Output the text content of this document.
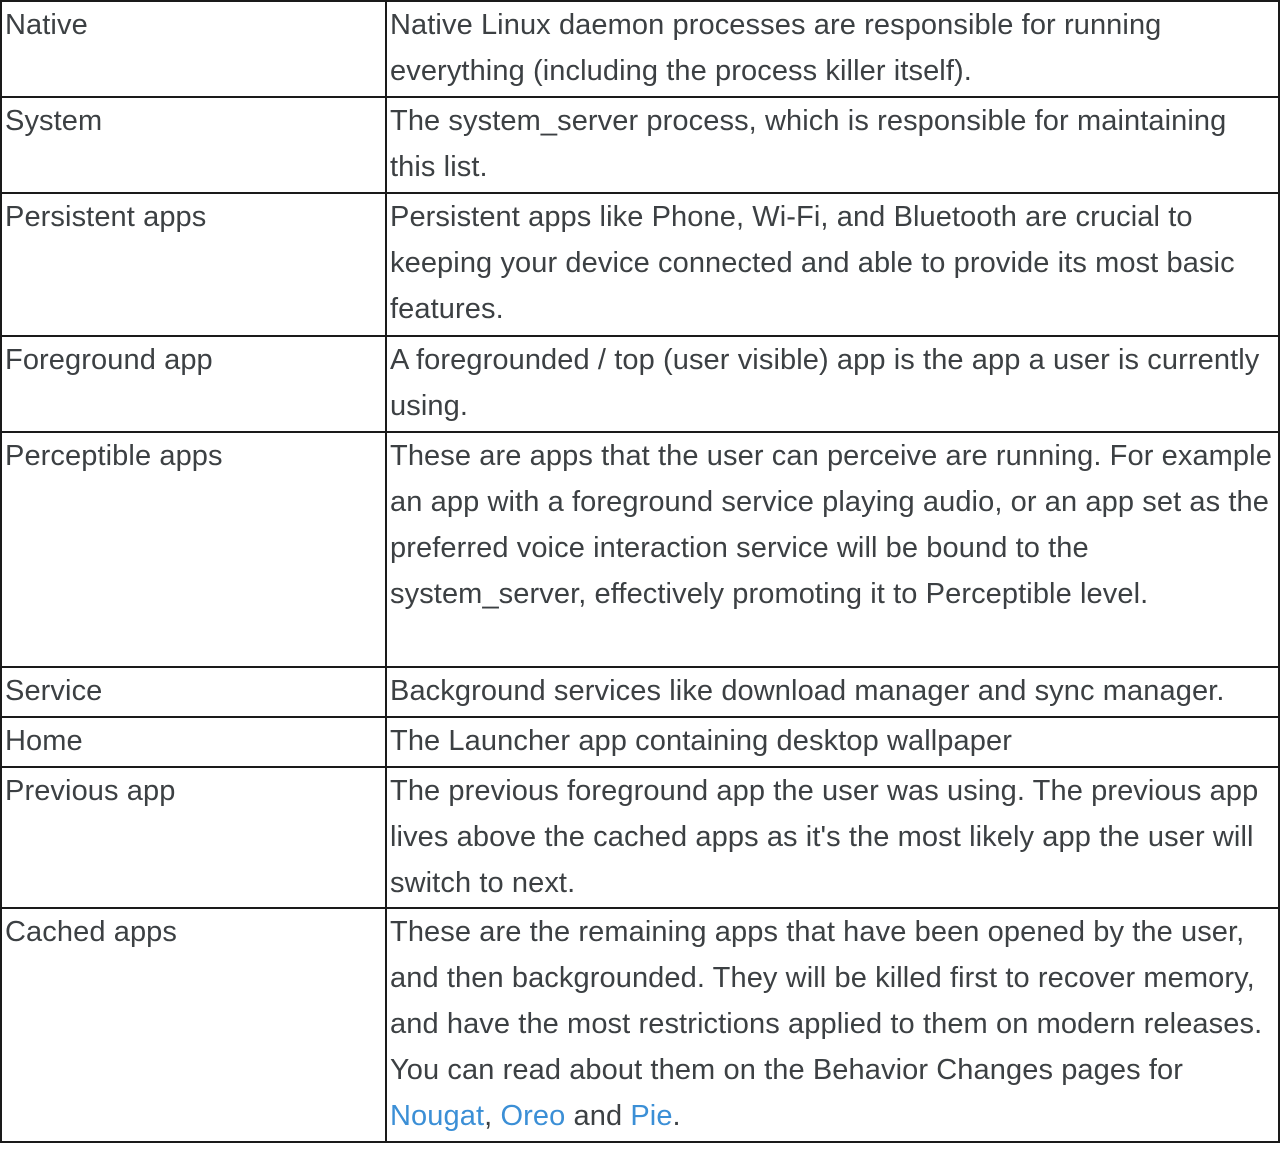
Native	Native Linux daemon processes are responsible for running everything (including the process killer itself).
System	The system_server process, which is responsible for maintaining this list.
Persistent apps	Persistent apps like Phone, Wi-Fi, and Bluetooth are crucial to keeping your device connected and able to provide its most basic features.
Foreground app	A foregrounded / top (user visible) app is the app a user is currently using.
Perceptible apps	These are apps that the user can perceive are running. For example an app with a foreground service playing audio, or an app set as the preferred voice interaction service will be bound to the system_server, effectively promoting it to Perceptible level.
Service	Background services like download manager and sync manager.
Home	The Launcher app containing desktop wallpaper
Previous app	The previous foreground app the user was using. The previous app lives above the cached apps as it's the most likely app the user will switch to next.
Cached apps	These are the remaining apps that have been opened by the user, and then backgrounded. They will be killed first to recover memory, and have the most restrictions applied to them on modern releases. You can read about them on the Behavior Changes pages for Nougat, Oreo and Pie.
